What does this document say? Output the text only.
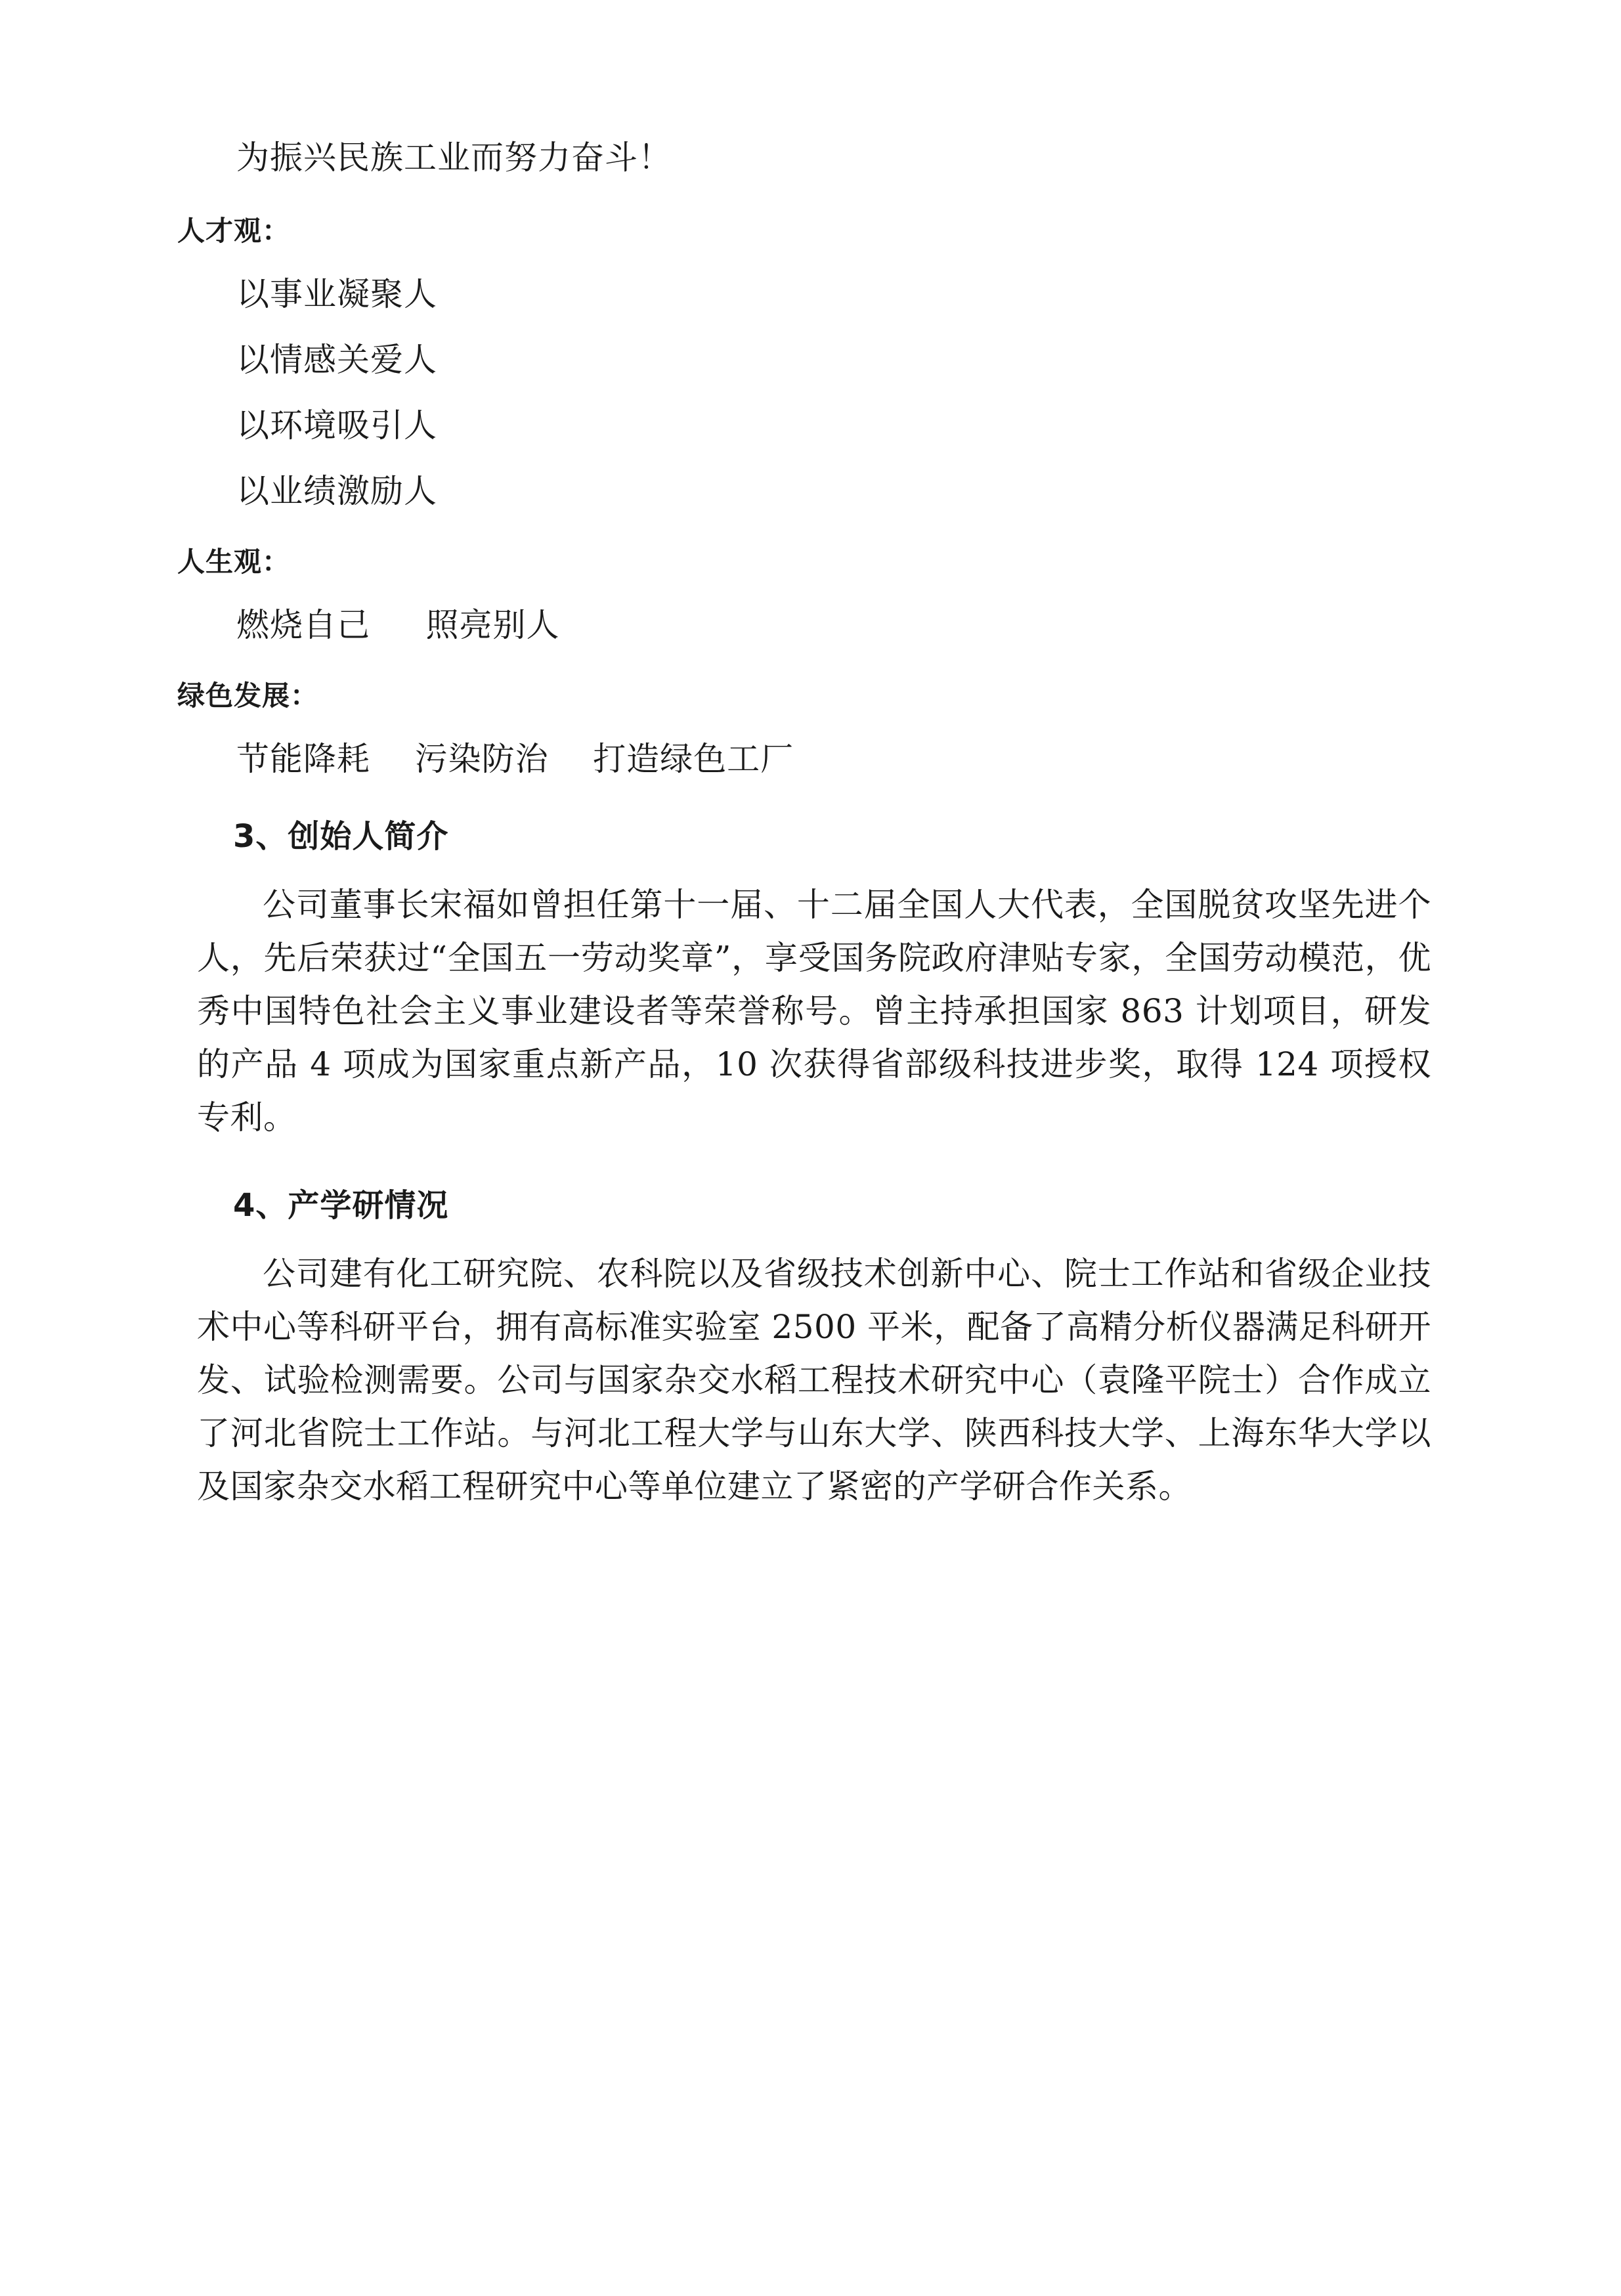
为振兴民族工业而努力奋斗！
人才观：
以事业凝聚人
以情感关爱人
以环境吸引人
以业绩激励人
人生观：
燃烧自己     照亮别人
绿色发展：
节能降耗    污染防治    打造绿色工厂
3、创始人简介

公司董事长宋福如曾担任第十一届、十二届全国人大代表，全国脱贫攻坚先进个人，先后荣获过“全国五一劳动奖章”，享受国务院政府津贴专家，全国劳动模范，优秀中国特色社会主义事业建设者等荣誉称号。曾主持承担国家 863 计划项目，研发的产品 4 项成为国家重点新产品，10 次获得省部级科技进步奖，取得 124 项授权专利。

4、产学研情况

公司建有化工研究院、农科院以及省级技术创新中心、院士工作站和省级企业技术中心等科研平台，拥有高标准实验室 2500 平米，配备了高精分析仪器满足科研开发、试验检测需要。公司与国家杂交水稻工程技术研究中心（袁隆平院士）合作成立了河北省院士工作站。与河北工程大学与山东大学、陕西科技大学、上海东华大学以及国家杂交水稻工程研究中心等单位建立了紧密的产学研合作关系。
